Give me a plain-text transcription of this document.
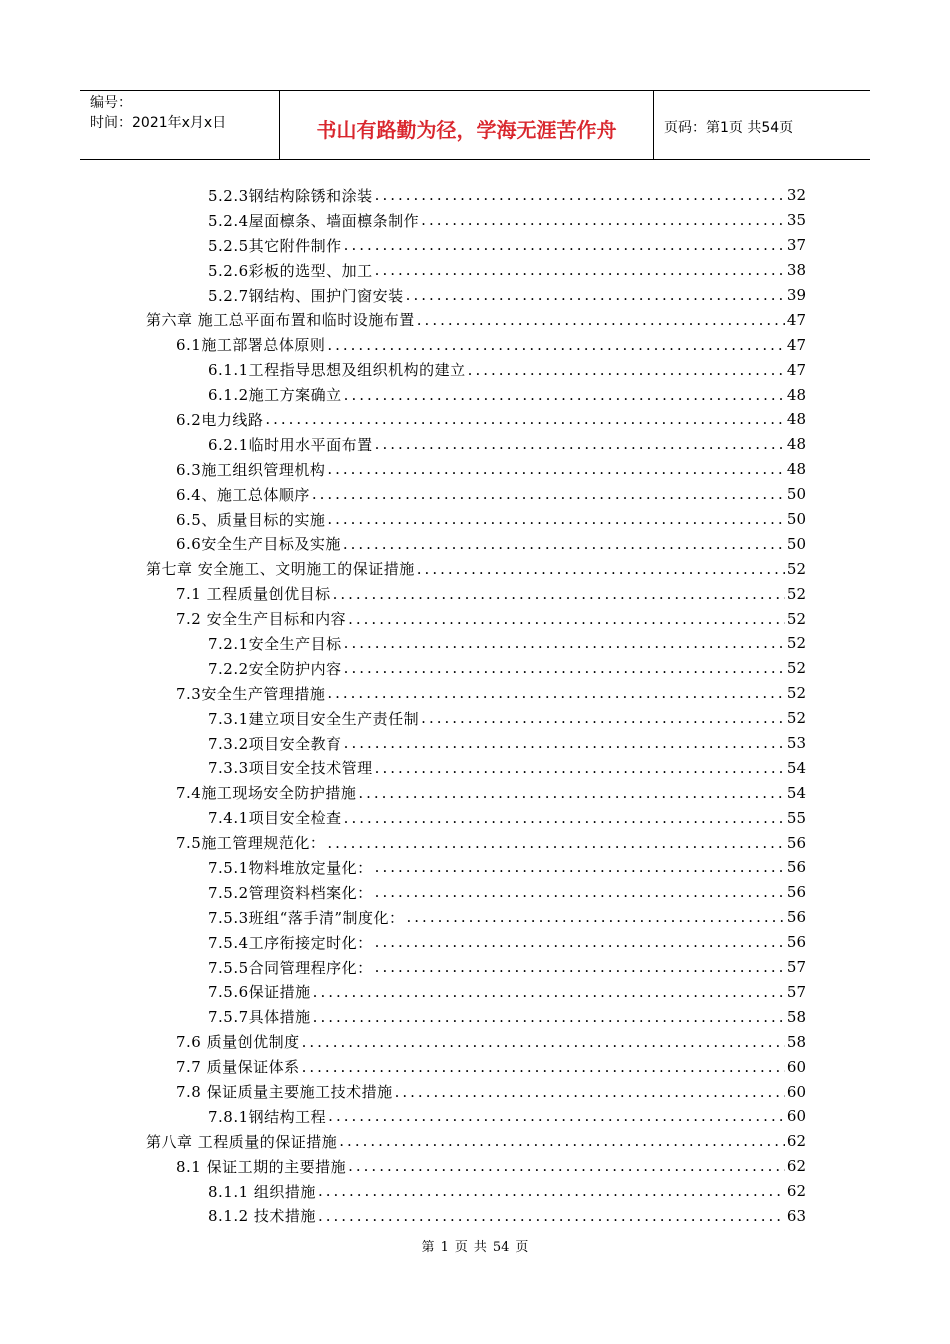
编号：
时间：2021年x月x日	书山有路勤为径，学海无涯苦作舟	页码：第1页 共54页
5.2.3钢结构除锈和涂装 .....	32
5.2.4屋面檩条、墙面檩条制作 .....	35
5.2.5其它附件制作 .....	37
5.2.6彩板的选型、加工 .....	38
5.2.7钢结构、围护门窗安装 .....	39
第六章 施工总平面布置和临时设施布置 .....	47
6.1施工部署总体原则 .....	47
6.1.1工程指导思想及组织机构的建立 .....	47
6.1.2施工方案确立 .....	48
6.2电力线路 .....	48
6.2.1临时用水平面布置 .....	48
6.3施工组织管理机构 .....	48
6.4、施工总体顺序 .....	50
6.5、质量目标的实施 .....	50
6.6安全生产目标及实施 .....	50
第七章 安全施工、文明施工的保证措施 .....	52
7.1 工程质量创优目标 .....	52
7.2 安全生产目标和内容 .....	52
7.2.1安全生产目标 .....	52
7.2.2安全防护内容 .....	52
7.3安全生产管理措施 .....	52
7.3.1建立项目安全生产责任制 .....	52
7.3.2项目安全教育 .....	53
7.3.3项目安全技术管理 .....	54
7.4施工现场安全防护措施 .....	54
7.4.1项目安全检查 .....	55
7.5施工管理规范化： .....	56
7.5.1物料堆放定量化： .....	56
7.5.2管理资料档案化： .....	56
7.5.3班组“落手清”制度化： .....	56
7.5.4工序衔接定时化： .....	56
7.5.5合同管理程序化： .....	57
7.5.6保证措施 .....	57
7.5.7具体措施 .....	58
7.6 质量创优制度 .....	58
7.7 质量保证体系 .....	60
7.8 保证质量主要施工技术措施 .....	60
7.8.1钢结构工程 .....	60
第八章 工程质量的保证措施 .....	62
8.1 保证工期的主要措施 .....	62
8.1.1 组织措施 .....	62
8.1.2 技术措施 .....	63
第 1 页 共 54 页
